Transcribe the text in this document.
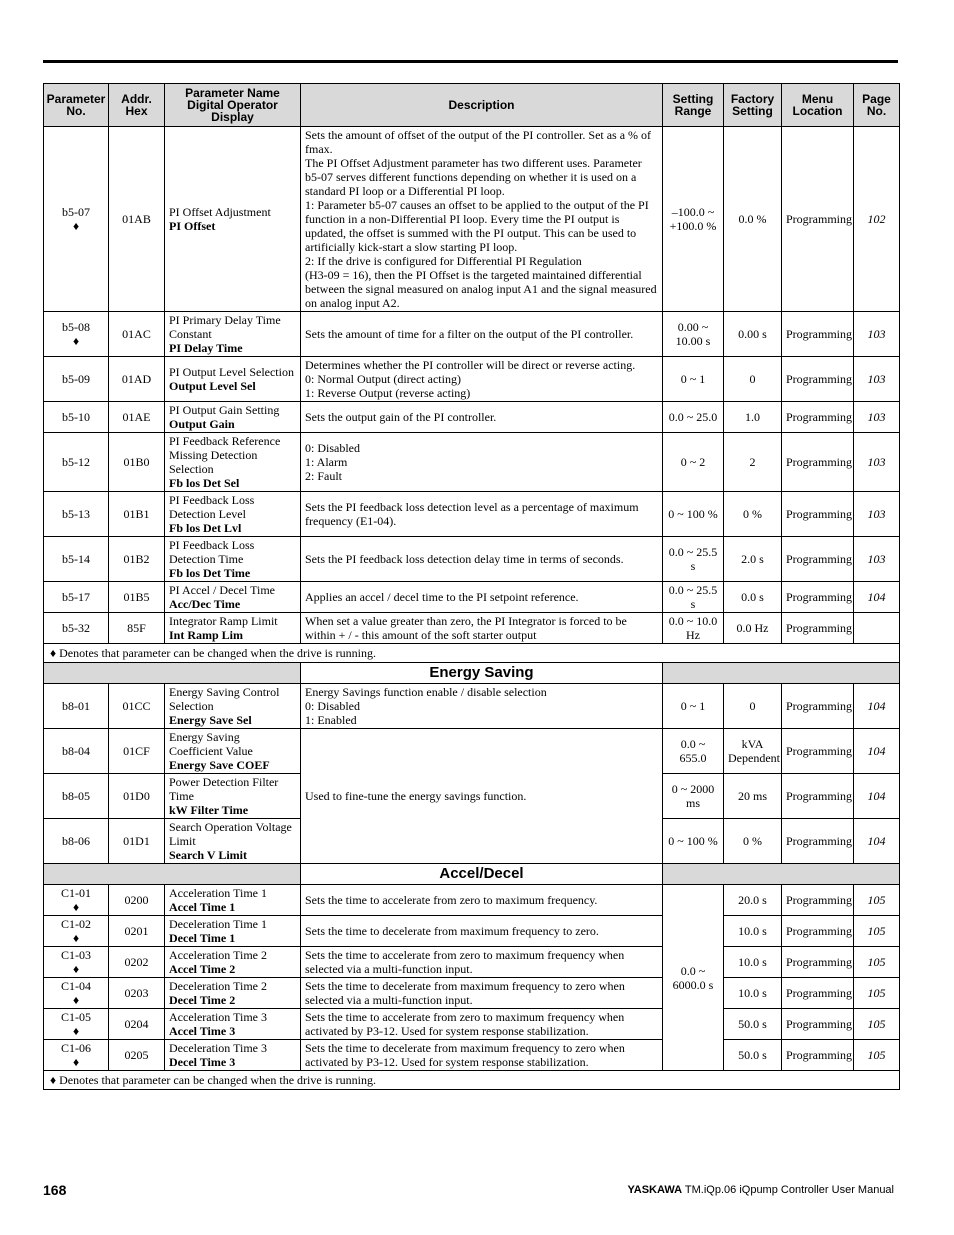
Parameter No.	Addr. Hex	Parameter Name Digital Operator Display	Description	Setting Range	Factory Setting	Menu Location	Page No.

b5-07
♦	01AB	PI Offset Adjustment
PI Offset	Sets the amount of offset of the output of the PI controller. Set as a % of fmax.
The PI Offset Adjustment parameter has two different uses. Parameter b5-07 serves different functions depending on whether it is used on a standard PI loop or a Differential PI loop.
1: Parameter b5-07 causes an offset to be applied to the output of the PI function in a non-Differential PI loop. Every time the PI output is updated, the offset is summed with the PI output. This can be used to artificially kick-start a slow starting PI loop.
2: If the drive is configured for Differential PI Regulation
(H3-09 = 16), then the PI Offset is the targeted maintained differential between the signal measured on analog input A1 and the signal measured on analog input A2.	–100.0 ~ +100.0 %	0.0 %	Programming	102

b5-08
♦	01AC	PI Primary Delay Time Constant
PI Delay Time	Sets the amount of time for a filter on the output of the PI controller.	0.00 ~ 10.00 s	0.00 s	Programming	103

b5-09	01AD	PI Output Level Selection
Output Level Sel	Determines whether the PI controller will be direct or reverse acting.
0: Normal Output (direct acting)
1: Reverse Output (reverse acting)	0 ~ 1	0	Programming	103

b5-10	01AE	PI Output Gain Setting
Output Gain	Sets the output gain of the PI controller.	0.0 ~ 25.0	1.0	Programming	103

b5-12	01B0	PI Feedback Reference Missing Detection Selection
Fb los Det Sel	0: Disabled
1: Alarm
2: Fault	0 ~ 2	2	Programming	103

b5-13	01B1	PI Feedback Loss Detection Level
Fb los Det Lvl	Sets the PI feedback loss detection level as a percentage of maximum frequency (E1-04).	0 ~ 100 %	0 %	Programming	103

b5-14	01B2	PI Feedback Loss Detection Time
Fb los Det Time	Sets the PI feedback loss detection delay time in terms of seconds.	0.0 ~ 25.5 s	2.0 s	Programming	103

b5-17	01B5	PI Accel / Decel Time
Acc/Dec Time	Applies an accel / decel time to the PI setpoint reference.	0.0 ~ 25.5 s	0.0 s	Programming	104

b5-32	85F	Integrator Ramp Limit
Int Ramp Lim	When set a value greater than zero, the PI Integrator is forced to be within + / - this amount of the soft starter output	0.0 ~ 10.0 Hz	0.0 Hz	Programming	
♦ Denotes that parameter can be changed when the drive is running.							
			Energy Saving				

b8-01	01CC	Energy Saving Control Selection
Energy Save Sel	Energy Savings function enable / disable selection
0: Disabled
1: Enabled	0 ~ 1	0	Programming	104

b8-04	01CF	Energy Saving Coefficient Value
Energy Save COEF	Used to fine-tune the energy savings function.	0.0 ~ 655.0	kVA Dependent	Programming	104

b8-05	01D0	Power Detection Filter Time
kW Filter Time		0 ~ 2000 ms	20 ms	Programming	104

b8-06	01D1	Search Operation Voltage Limit
Search V Limit		0 ~ 100 %	0 %	Programming	104
			Accel/Decel				

C1-01
♦	0200	Acceleration Time 1
Accel Time 1	Sets the time to accelerate from zero to maximum frequency.	0.0 ~ 6000.0 s	20.0 s	Programming	105

C1-02
♦	0201	Deceleration Time 1
Decel Time 1	Sets the time to decelerate from maximum frequency to zero.		10.0 s	Programming	105

C1-03
♦	0202	Acceleration Time 2
Accel Time 2	Sets the time to accelerate from zero to maximum frequency when selected via a multi-function input.		10.0 s	Programming	105

C1-04
♦	0203	Deceleration Time 2
Decel Time 2	Sets the time to decelerate from maximum frequency to zero when selected via a multi-function input.		10.0 s	Programming	105

C1-05
♦	0204	Acceleration Time 3
Accel Time 3	Sets the time to accelerate from zero to maximum frequency when activated by P3-12. Used for system response stabilization.		50.0 s	Programming	105

C1-06
♦	0205	Deceleration Time 3
Decel Time 3	Sets the time to decelerate from maximum frequency to zero when activated by P3-12. Used for system response stabilization.		50.0 s	Programming	105
♦ Denotes that parameter can be changed when the drive is running.							
168	YASKAWA TM.iQp.06 iQpump Controller User Manual
